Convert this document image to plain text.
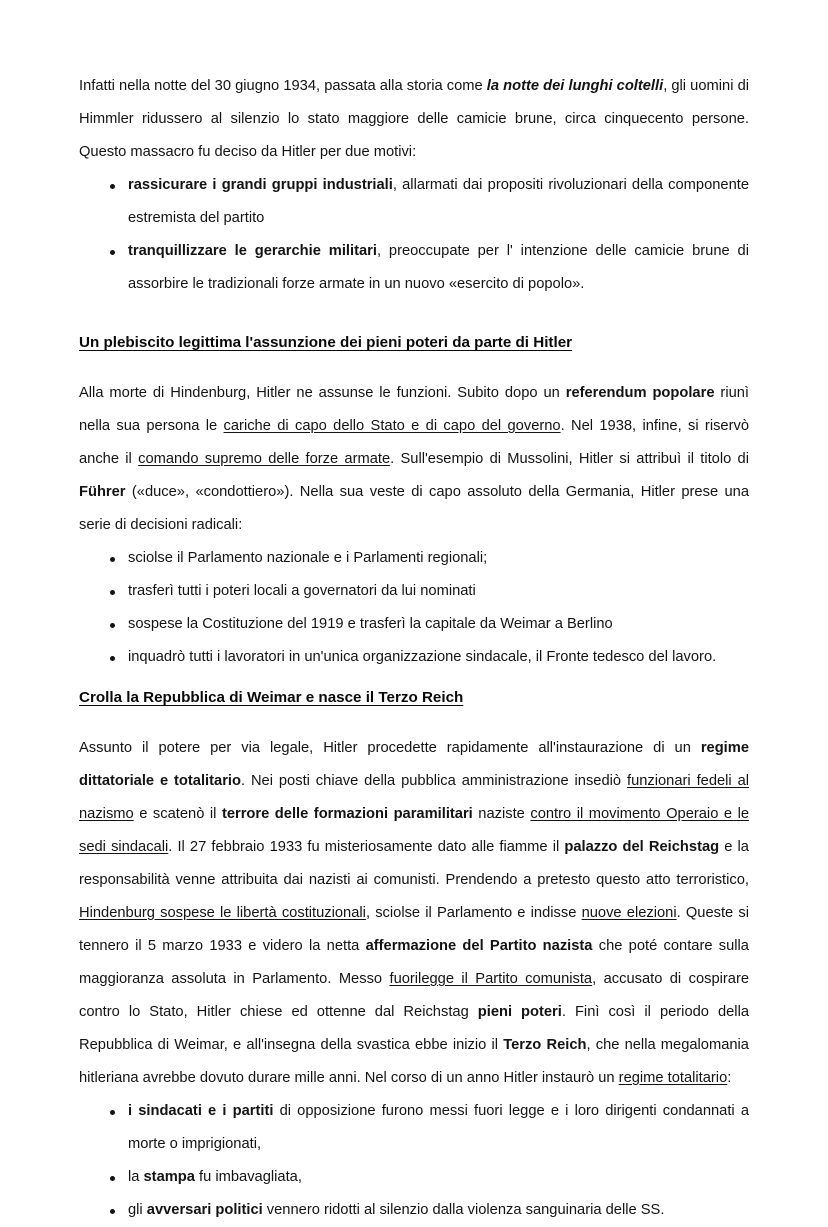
Infatti nella notte del 30 giugno 1934, passata alla storia come la notte dei lunghi coltelli, gli uomini di Himmler ridussero al silenzio lo stato maggiore delle camicie brune, circa cinquecento persone. Questo massacro fu deciso da Hitler per due motivi:

rassicurare i grandi gruppi industriali, allarmati dai propositi rivoluzionari della componente estremista del partito
tranquillizzare le gerarchie militari, preoccupate per l' intenzione delle camicie brune di assorbire le tradizionali forze armate in un nuovo «esercito di popolo».
Un plebiscito legittima l'assunzione dei pieni poteri da parte di Hitler

Alla morte di Hindenburg, Hitler ne assunse le funzioni. Subito dopo un referendum popolare riunì nella sua persona le cariche di capo dello Stato e di capo del governo. Nel 1938, infine, si riservò anche il comando supremo delle forze armate. Sull'esempio di Mussolini, Hitler si attribuì il titolo di Führer («duce», «condottiero»). Nella sua veste di capo assoluto della Germania, Hitler prese una serie di decisioni radicali:

sciolse il Parlamento nazionale e i Parlamenti regionali;
trasferì tutti i poteri locali a governatori da lui nominati
sospese la Costituzione del 1919 e trasferì la capitale da Weimar a Berlino
inquadrò tutti i lavoratori in un'unica organizzazione sindacale, il Fronte tedesco del lavoro.
Crolla la Repubblica di Weimar e nasce il Terzo Reich

Assunto il potere per via legale, Hitler procedette rapidamente all'instaurazione di un regime dittatoriale e totalitario. Nei posti chiave della pubblica amministrazione insediò funzionari fedeli al nazismo e scatenò il terrore delle formazioni paramilitari naziste contro il movimento Operaio e le sedi sindacali. Il 27 febbraio 1933 fu misteriosamente dato alle fiamme il palazzo del Reichstag e la responsabilità venne attribuita dai nazisti ai comunisti. Prendendo a pretesto questo atto terroristico, Hindenburg sospese le libertà costituzionali, sciolse il Parlamento e indisse nuove elezioni. Queste si tennero il 5 marzo 1933 e videro la netta affermazione del Partito nazista che poté contare sulla maggioranza assoluta in Parlamento. Messo fuorilegge il Partito comunista, accusato di cospirare contro lo Stato, Hitler chiese ed ottenne dal Reichstag pieni poteri. Finì così il periodo della Repubblica di Weimar, e all'insegna della svastica ebbe inizio il Terzo Reich, che nella megalomania hitleriana avrebbe dovuto durare mille anni. Nel corso di un anno Hitler instaurò un regime totalitario:

i sindacati e i partiti di opposizione furono messi fuori legge e i loro dirigenti condannati a morte o imprigionati,
la stampa fu imbavagliata,
gli avversari politici vennero ridotti al silenzio dalla violenza sanguinaria delle SS.
